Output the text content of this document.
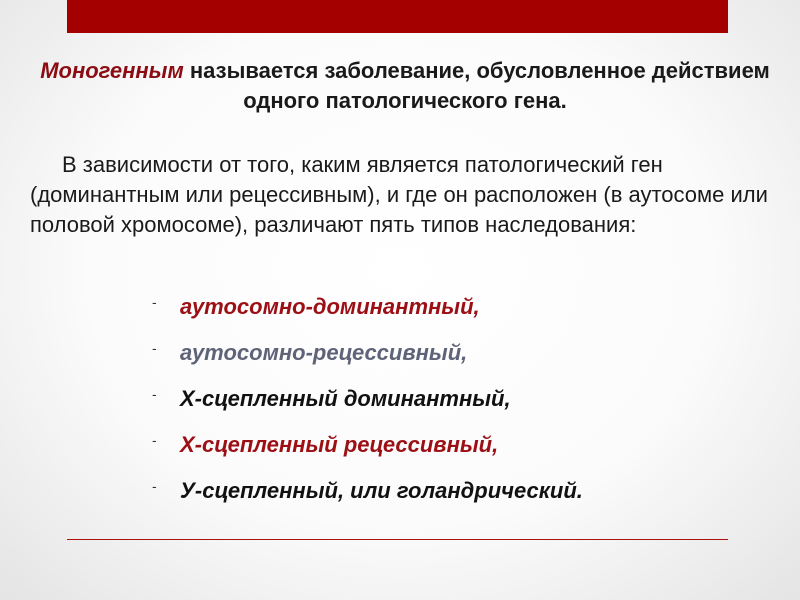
Моногенным называется заболевание, обусловленное действием одного патологического гена.
В зависимости от того, каким является патологический ген (доминантным или рецессивным), и где он расположен (в аутосоме или половой хромосоме), различают пять типов наследования:
- аутосомно-доминантный,
- аутосомно-рецессивный,
- Х-сцепленный доминантный,
- Х-сцепленный рецессивный,
- У-сцепленный, или голандрический.
